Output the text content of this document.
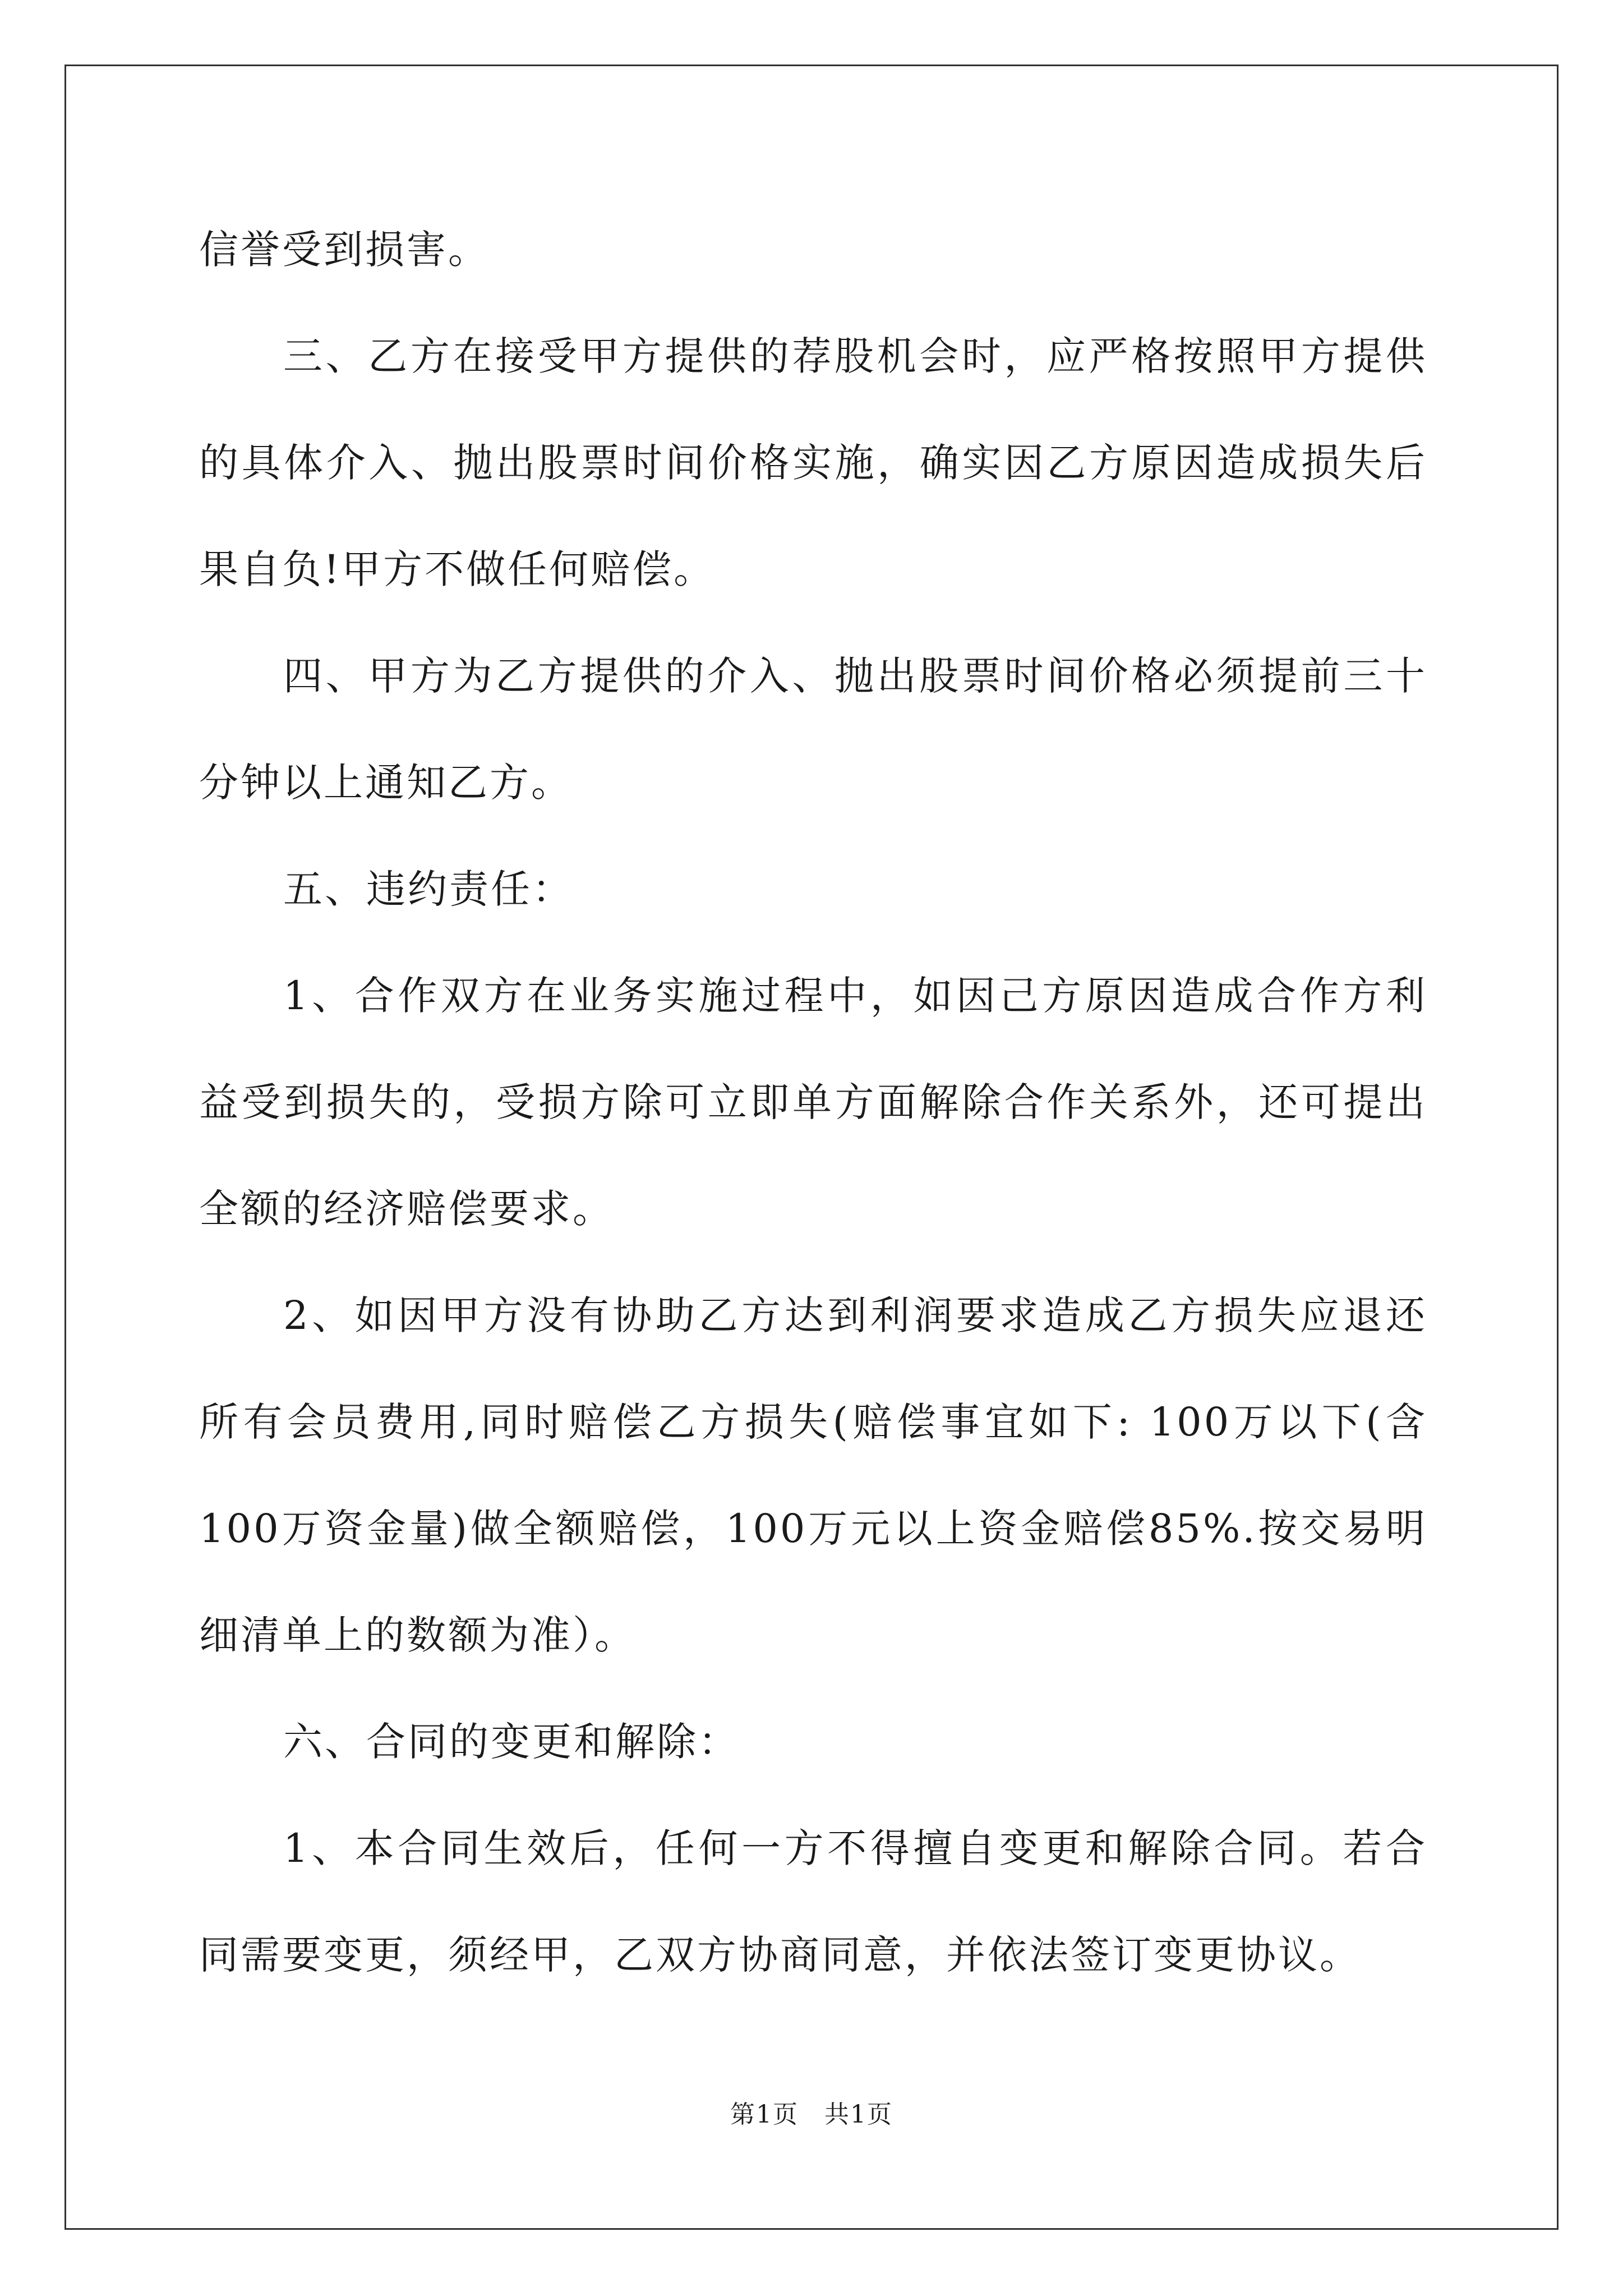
信誉受到损害。

三、乙方在接受甲方提供的荐股机会时，应严格按照甲方提供的具体介入、抛出股票时间价格实施，确实因乙方原因造成损失后果自负!甲方不做任何赔偿。

四、甲方为乙方提供的介入、抛出股票时间价格必须提前三十分钟以上通知乙方。

五、违约责任：

1、合作双方在业务实施过程中，如因己方原因造成合作方利益受到损失的，受损方除可立即单方面解除合作关系外，还可提出全额的经济赔偿要求。

2、如因甲方没有协助乙方达到利润要求造成乙方损失应退还所有会员费用,同时赔偿乙方损失(赔偿事宜如下: 100万以下(含100万资金量)做全额赔偿，100万元以上资金赔偿85%.按交易明细清单上的数额为准）。

六、合同的变更和解除：

1、本合同生效后，任何一方不得擅自变更和解除合同。若合同需要变更，须经甲，乙双方协商同意，并依法签订变更协议。

第1页　共1页
